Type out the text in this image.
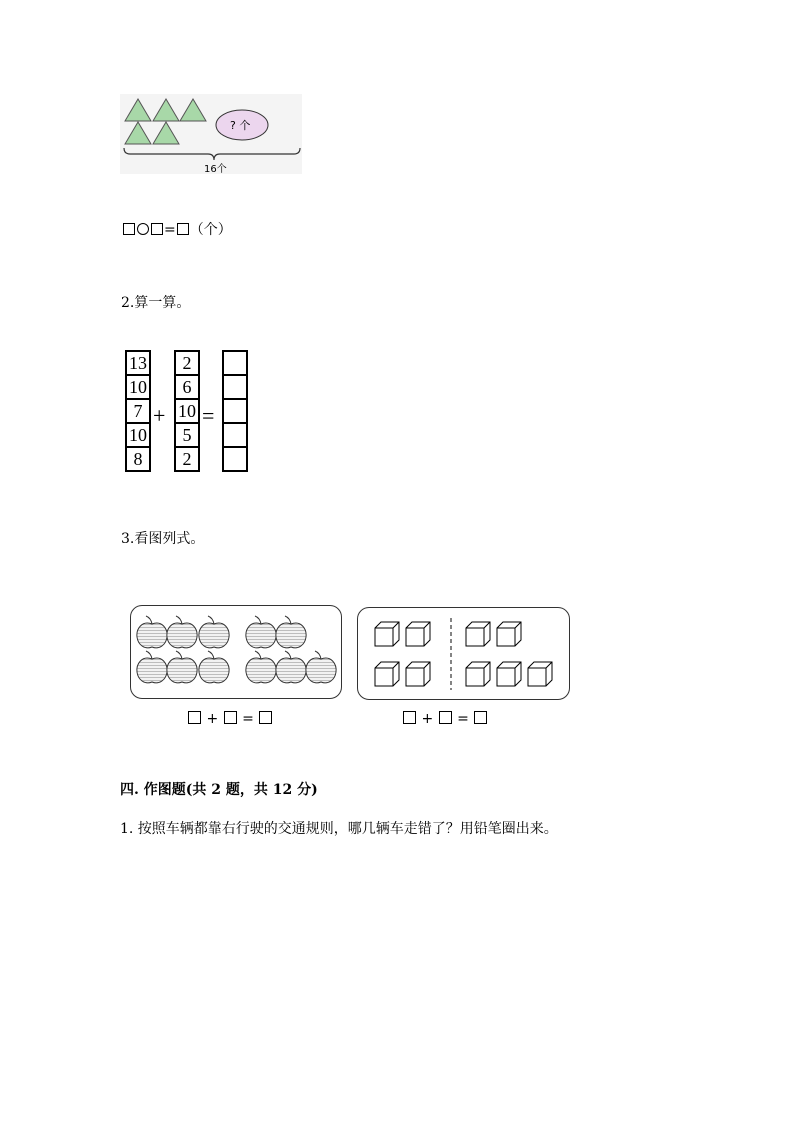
? 个
16个
= （个）
2.算一算。
13
10
7
10
8
+
2
6
10
5
2
=
3.看图列式。
+ =	+ =
四. 作图题(共 2 题，共 12 分)
1. 按照车辆都靠右行驶的交通规则，哪几辆车走错了？用铅笔圈出来。
